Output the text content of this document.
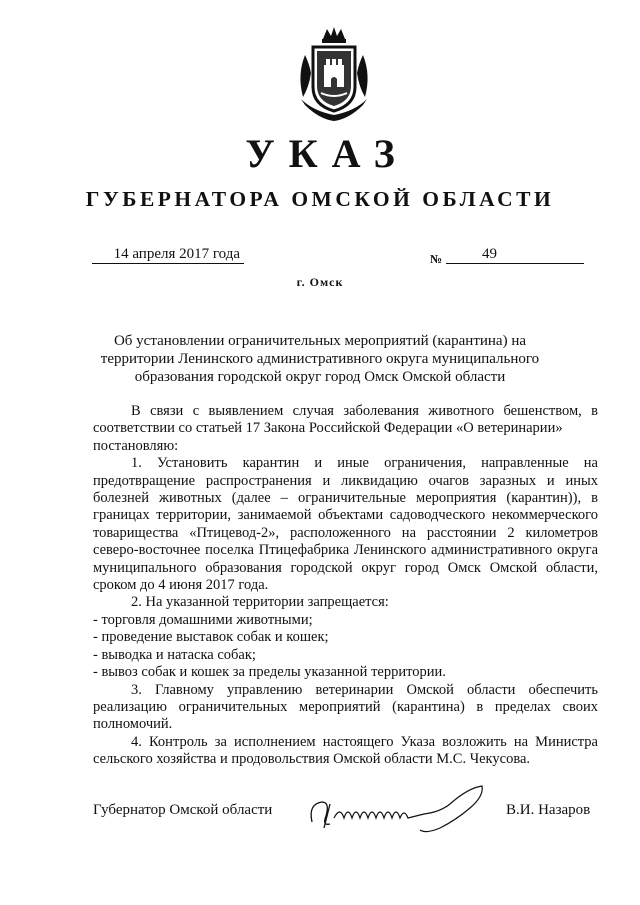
УКАЗ
ГУБЕРНАТОРА ОМСКОЙ ОБЛАСТИ
14 апреля 2017 года	№	49
г. Омск
Об установлении ограничительных мероприятий (карантина) на территории Ленинского административного округа муниципального образования городской округ город Омск Омской области

В связи с выявлением случая заболевания животного бешенством, в соответствии со статьей 17 Закона Российской Федерации «О ветеринарии»

постановляю:

1. Установить карантин и иные ограничения, направленные на предотвращение распространения и ликвидацию очагов заразных и иных болезней животных (далее – ограничительные мероприятия (карантин)), в границах территории, занимаемой объектами садоводческого некоммерческого товарищества «Птицевод-2», расположенного на расстоянии 2 километров северо-восточнее поселка Птицефабрика Ленинского административного округа муниципального образования городской округ город Омск Омской области, сроком до 4 июня 2017 года.

2. На указанной территории запрещается:

- торговля домашними животными;

- проведение выставок собак и кошек;

- выводка и натаска собак;

- вывоз собак и кошек за пределы указанной территории.

3. Главному управлению ветеринарии Омской области обеспечить реализацию ограничительных мероприятий (карантина) в пределах своих полномочий.

4. Контроль за исполнением настоящего Указа возложить на Министра сельского хозяйства и продовольствия Омской области М.С. Чекусова.

Губернатор Омской области	В.И. Назаров
